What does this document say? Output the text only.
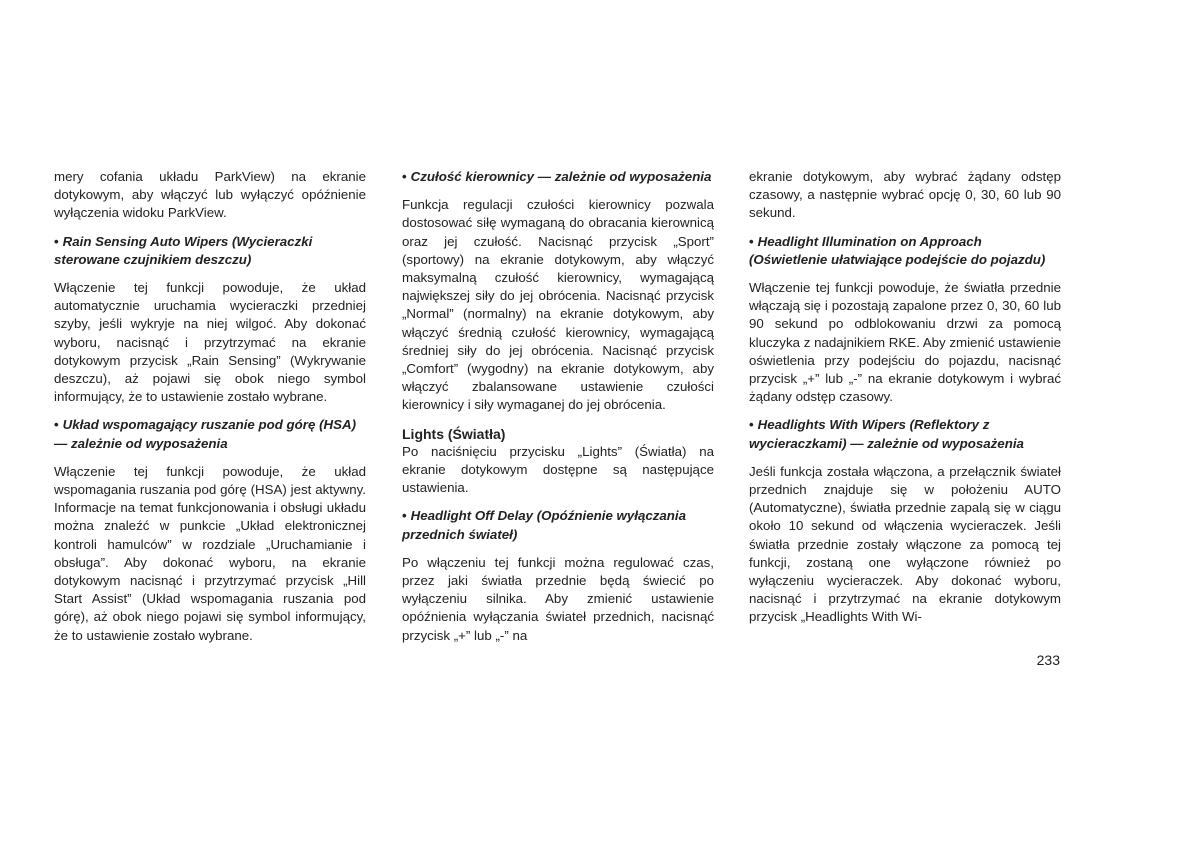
mery cofania układu ParkView) na ekranie dotykowym, aby włączyć lub wyłączyć opóźnienie wyłączenia widoku ParkView.

• Rain Sensing Auto Wipers (Wycieraczki sterowane czujnikiem deszczu)

Włączenie tej funkcji powoduje, że układ automatycznie uruchamia wycieraczki przedniej szyby, jeśli wykryje na niej wilgoć. Aby dokonać wyboru, nacisnąć i przytrzymać na ekranie dotykowym przycisk „Rain Sensing” (Wykrywanie deszczu), aż pojawi się obok niego symbol informujący, że to ustawienie zostało wybrane.

• Układ wspomagający ruszanie pod górę (HSA) — zależnie od wyposażenia

Włączenie tej funkcji powoduje, że układ wspomagania ruszania pod górę (HSA) jest aktywny. Informacje na temat funkcjonowania i obsługi układu można znaleźć w punkcie „Układ elektronicznej kontroli hamulców” w rozdziale „Uruchamianie i obsługa”. Aby dokonać wyboru, na ekranie dotykowym nacisnąć i przytrzymać przycisk „Hill Start Assist” (Układ wspomagania ruszania pod górę), aż obok niego pojawi się symbol informujący, że to ustawienie zostało wybrane.

• Czułość kierownicy — zależnie od wyposażenia

Funkcja regulacji czułości kierownicy pozwala dostosować siłę wymaganą do obracania kierownicą oraz jej czułość. Nacisnąć przycisk „Sport” (sportowy) na ekranie dotykowym, aby włączyć maksymalną czułość kierownicy, wymagającą największej siły do jej obrócenia. Nacisnąć przycisk „Normal” (normalny) na ekranie dotykowym, aby włączyć średnią czułość kierownicy, wymagającą średniej siły do jej obrócenia. Nacisnąć przycisk „Comfort” (wygodny) na ekranie dotykowym, aby włączyć zbalansowane ustawienie czułości kierownicy i siły wymaganej do jej obrócenia.

Lights (Światła)

Po naciśnięciu przycisku „Lights” (Światła) na ekranie dotykowym dostępne są następujące ustawienia.

• Headlight Off Delay (Opóźnienie wyłączania przednich świateł)

Po włączeniu tej funkcji można regulować czas, przez jaki światła przednie będą świecić po wyłączeniu silnika. Aby zmienić ustawienie opóźnienia wyłączania świateł przednich, nacisnąć przycisk „+” lub „-” na

ekranie dotykowym, aby wybrać żądany odstęp czasowy, a następnie wybrać opcję 0, 30, 60 lub 90 sekund.

• Headlight Illumination on Approach (Oświetlenie ułatwiające podejście do pojazdu)

Włączenie tej funkcji powoduje, że światła przednie włączają się i pozostają zapalone przez 0, 30, 60 lub 90 sekund po odblokowaniu drzwi za pomocą kluczyka z nadajnikiem RKE. Aby zmienić ustawienie oświetlenia przy podejściu do pojazdu, nacisnąć przycisk „+” lub „-” na ekranie dotykowym i wybrać żądany odstęp czasowy.

• Headlights With Wipers (Reflektory z wycieraczkami) — zależnie od wyposażenia

Jeśli funkcja została włączona, a przełącznik świateł przednich znajduje się w położeniu AUTO (Automatyczne), światła przednie zapalą się w ciągu około 10 sekund od włączenia wycieraczek. Jeśli światła przednie zostały włączone za pomocą tej funkcji, zostaną one wyłączone również po wyłączeniu wycieraczek. Aby dokonać wyboru, nacisnąć i przytrzymać na ekranie dotykowym przycisk „Headlights With Wi-

233
